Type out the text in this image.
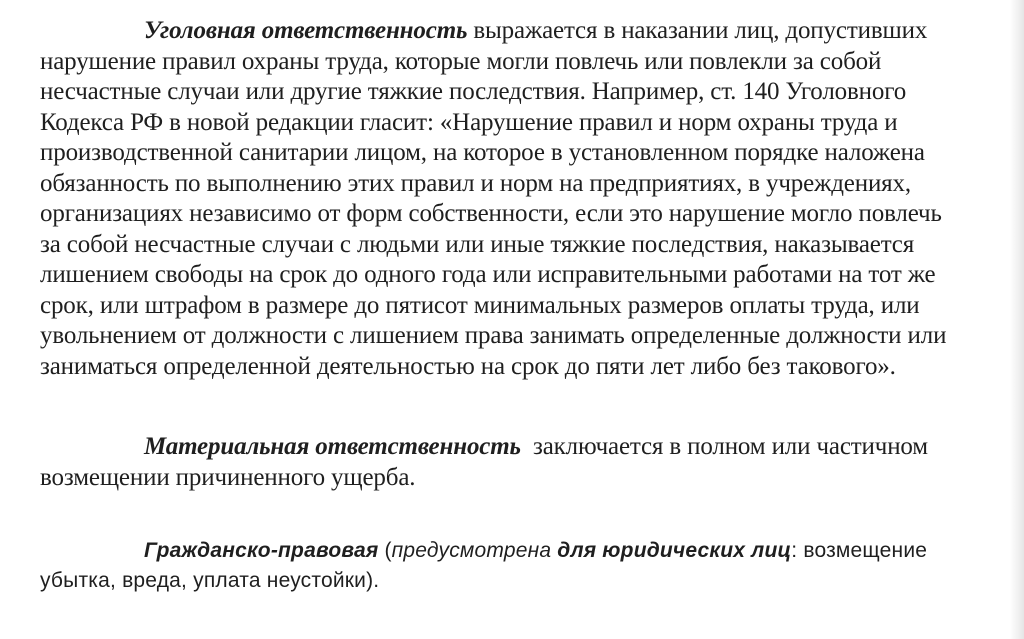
Уголовная ответственность выражается в наказании лиц, допустивших
нарушение правил охраны труда, которые могли повлечь или повлекли за собой
несчастные случаи или другие тяжкие последствия. Например, ст. 140 Уголовного
Кодекса РФ в новой редакции гласит: «Нарушение правил и норм охраны труда и
производственной санитарии лицом, на которое в установленном порядке наложена
обязанность по выполнению этих правил и норм на предприятиях, в учреждениях,
организациях независимо от форм собственности, если это нарушение могло повлечь
за собой несчастные случаи с людьми или иные тяжкие последствия, наказывается
лишением свободы на срок до одного года или исправительными работами на тот же
срок, или штрафом в размере до пятисот минимальных размеров оплаты труда, или
увольнением от должности с лишением права занимать определенные должности или
заниматься определенной деятельностью на срок до пяти лет либо без такового».
Материальная ответственность  заключается в полном или частичном
возмещении причиненного ущерба.
Гражданско-правовая (предусмотрена для юридических лиц: возмещение
убытка, вреда, уплата неустойки).
